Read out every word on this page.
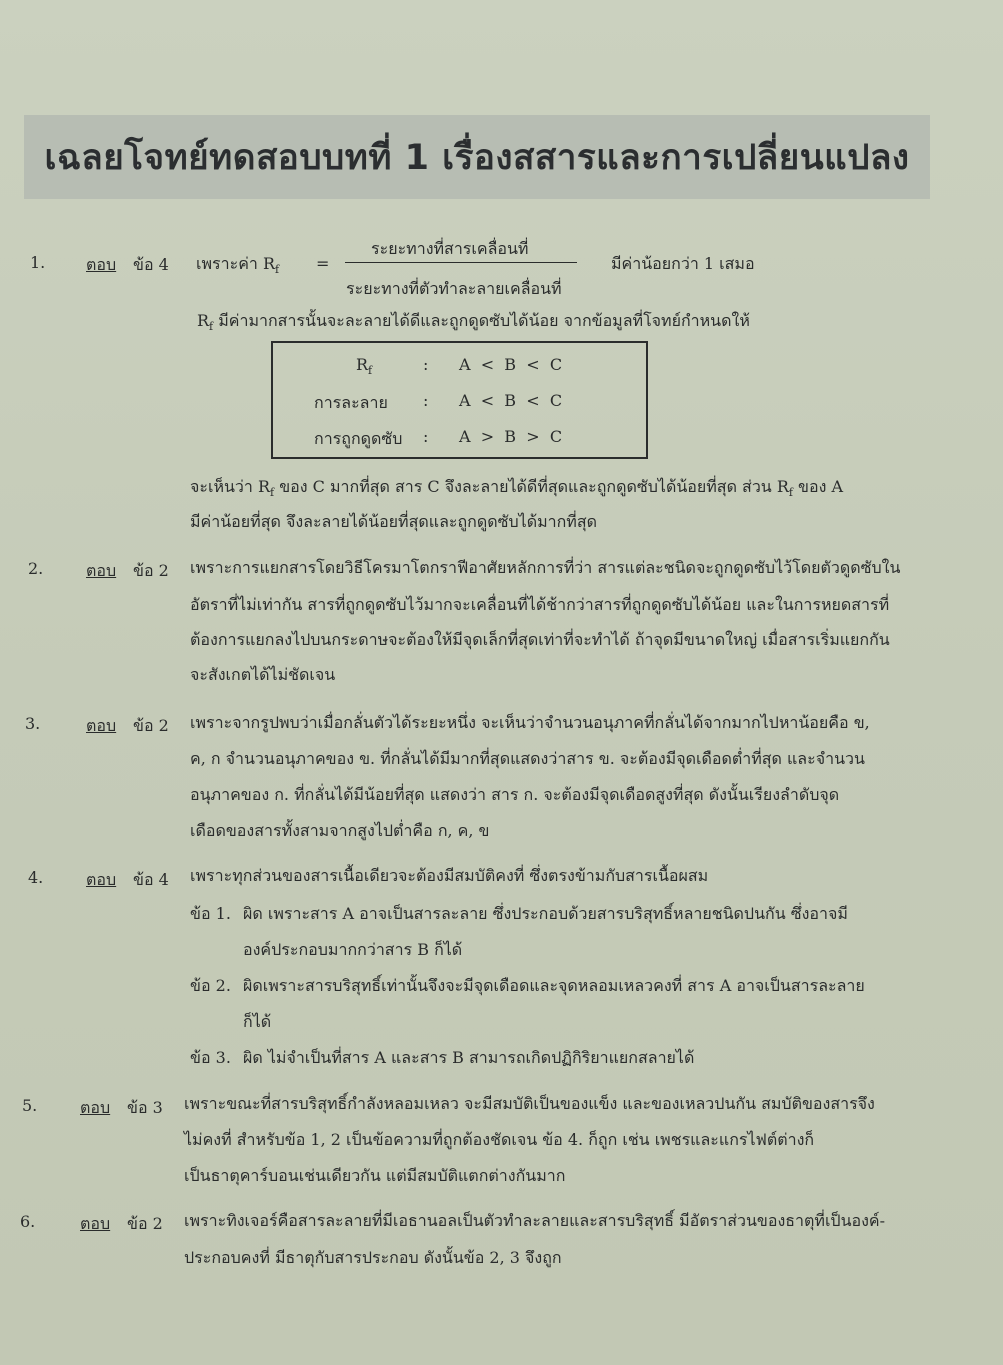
เฉลยโจทย์ทดสอบบทที่ 1 เรื่องสสารและการเปลี่ยนแปลง
1.	ตอบ ข้อ 4 เพราะค่า $R_f$ =
ระยะทางที่สารเคลื่อนที่
ระยะทางที่ตัวทำละลายเคลื่อนที่
มีค่าน้อยกว่า 1 เสมอ
$R_f$ มีค่ามากสารนั้นจะละลายได้ดีและถูกดูดซับได้น้อย จากข้อมูลที่โจทย์กำหนดให้
$R_f$	: A  <  B  <  C
การละลาย : A  <  B  <  C
การถูกดูดซับ : A  >  B  >  C
จะเห็นว่า $R_f$ ของ C มากที่สุด สาร C จึงละลายได้ดีที่สุดและถูกดูดซับได้น้อยที่สุด ส่วน $R_f$ ของ A
มีค่าน้อยที่สุด จึงละลายได้น้อยที่สุดและถูกดูดซับได้มากที่สุด
2.	ตอบ ข้อ 2 เพราะการแยกสารโดยวิธีโครมาโตกราฟีอาศัยหลักการที่ว่า สารแต่ละชนิดจะถูกดูดซับไว้โดยตัวดูดซับใน
อัตราที่ไม่เท่ากัน สารที่ถูกดูดซับไว้มากจะเคลื่อนที่ได้ช้ากว่าสารที่ถูกดูดซับได้น้อย และในการหยดสารที่
ต้องการแยกลงไปบนกระดาษจะต้องให้มีจุดเล็กที่สุดเท่าที่จะทำได้ ถ้าจุดมีขนาดใหญ่ เมื่อสารเริ่มแยกกัน
จะสังเกตได้ไม่ชัดเจน
3.	ตอบ ข้อ 2 เพราะจากรูปพบว่าเมื่อกลั่นตัวได้ระยะหนึ่ง จะเห็นว่าจำนวนอนุภาคที่กลั่นได้จากมากไปหาน้อยคือ ข,
ค, ก จำนวนอนุภาคของ ข. ที่กลั่นได้มีมากที่สุดแสดงว่าสาร ข. จะต้องมีจุดเดือดต่ำที่สุด และจำนวน
อนุภาคของ ก. ที่กลั่นได้มีน้อยที่สุด แสดงว่า สาร ก. จะต้องมีจุดเดือดสูงที่สุด ดังนั้นเรียงลำดับจุด
เดือดของสารทั้งสามจากสูงไปต่ำคือ ก, ค, ข
4.	ตอบ ข้อ 4 เพราะทุกส่วนของสารเนื้อเดียวจะต้องมีสมบัติคงที่ ซึ่งตรงข้ามกับสารเนื้อผสม
ข้อ 1. ผิด เพราะสาร A อาจเป็นสารละลาย ซึ่งประกอบด้วยสารบริสุทธิ์หลายชนิดปนกัน ซึ่งอาจมี
องค์ประกอบมากกว่าสาร B ก็ได้
ข้อ 2. ผิดเพราะสารบริสุทธิ์เท่านั้นจึงจะมีจุดเดือดและจุดหลอมเหลวคงที่ สาร A อาจเป็นสารละลาย
ก็ได้
ข้อ 3. ผิด ไม่จำเป็นที่สาร A และสาร B สามารถเกิดปฏิกิริยาแยกสลายได้
5.	ตอบ ข้อ 3 เพราะขณะที่สารบริสุทธิ์กำลังหลอมเหลว จะมีสมบัติเป็นของแข็ง และของเหลวปนกัน สมบัติของสารจึง
ไม่คงที่ สำหรับข้อ 1, 2 เป็นข้อความที่ถูกต้องชัดเจน ข้อ 4. ก็ถูก เช่น เพชรและแกรไฟต์ต่างก็
เป็นธาตุคาร์บอนเช่นเดียวกัน แต่มีสมบัติแตกต่างกันมาก
6.	ตอบ ข้อ 2 เพราะทิงเจอร์คือสารละลายที่มีเอธานอลเป็นตัวทำละลายและสารบริสุทธิ์ มีอัตราส่วนของธาตุที่เป็นองค์-
ประกอบคงที่ มีธาตุกับสารประกอบ ดังนั้นข้อ 2, 3 จึงถูก
